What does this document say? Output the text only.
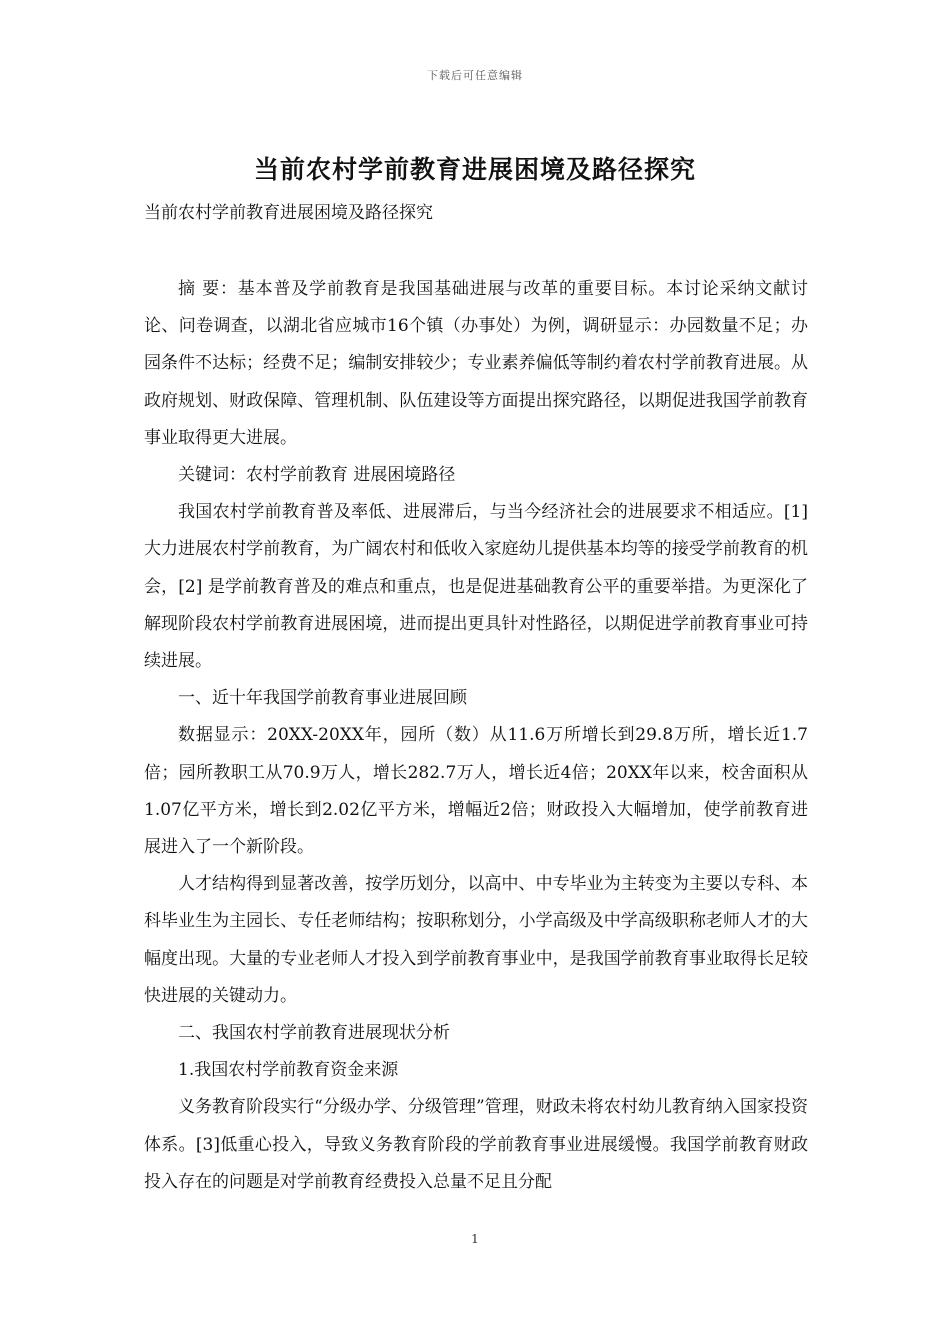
下载后可任意编辑
当前农村学前教育进展困境及路径探究
当前农村学前教育进展困境及路径探究

摘 要：基本普及学前教育是我国基础进展与改革的重要目标。本讨论采纳文献讨论、问卷调查，以湖北省应城市16个镇（办事处）为例，调研显示：办园数量不足；办园条件不达标；经费不足；编制安排较少；专业素养偏低等制约着农村学前教育进展。从政府规划、财政保障、管理机制、队伍建设等方面提出探究路径，以期促进我国学前教育事业取得更大进展。

关键词：农村学前教育 进展困境路径

我国农村学前教育普及率低、进展滞后，与当今经济社会的进展要求不相适应。[1]大力进展农村学前教育，为广阔农村和低收入家庭幼儿提供基本均等的接受学前教育的机会，[2] 是学前教育普及的难点和重点，也是促进基础教育公平的重要举措。为更深化了解现阶段农村学前教育进展困境，进而提出更具针对性路径，以期促进学前教育事业可持续进展。

一、近十年我国学前教育事业进展回顾

数据显示：20XX-20XX年，园所（数）从11.6万所增长到29.8万所，增长近1.7倍；园所教职工从70.9万人，增长282.7万人，增长近4倍；20XX年以来，校舍面积从1.07亿平方米，增长到2.02亿平方米，增幅近2倍；财政投入大幅增加，使学前教育进展进入了一个新阶段。

人才结构得到显著改善，按学历划分，以高中、中专毕业为主转变为主要以专科、本科毕业生为主园长、专任老师结构；按职称划分，小学高级及中学高级职称老师人才的大幅度出现。大量的专业老师人才投入到学前教育事业中，是我国学前教育事业取得长足较快进展的关键动力。

二、我国农村学前教育进展现状分析

1.我国农村学前教育资金来源

义务教育阶段实行“分级办学、分级管理”管理，财政未将农村幼儿教育纳入国家投资体系。[3]低重心投入，导致义务教育阶段的学前教育事业进展缓慢。我国学前教育财政投入存在的问题是对学前教育经费投入总量不足且分配

1
